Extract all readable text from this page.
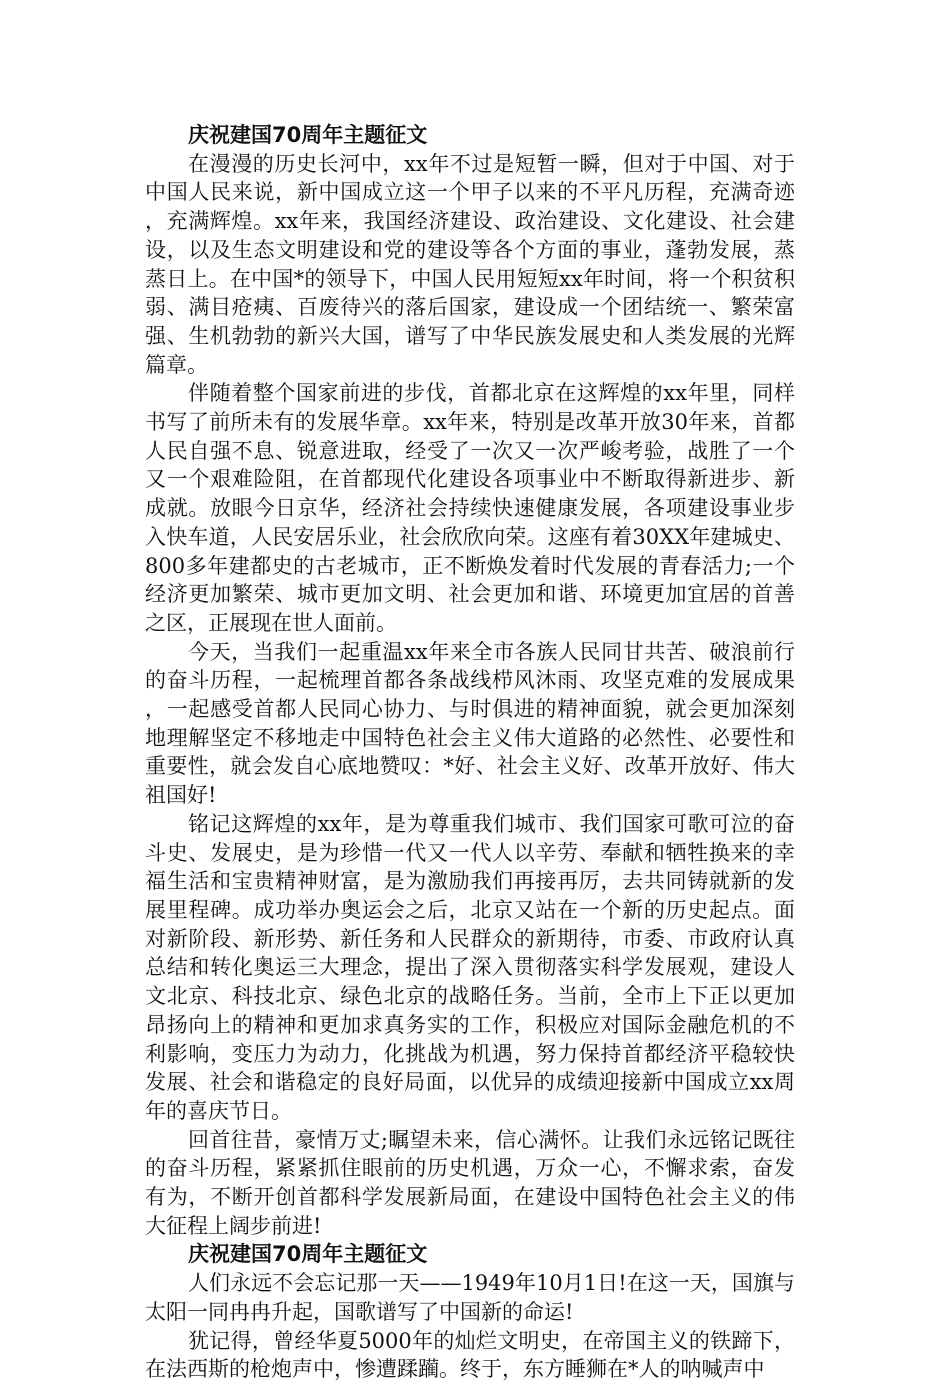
庆祝建国70周年主题征文

在漫漫的历史长河中，xx年不过是短暂一瞬，但对于中国、对于中国人民来说，新中国成立这一个甲子以来的不平凡历程，充满奇迹，充满辉煌。xx年来，我国经济建设、政治建设、文化建设、社会建设，以及生态文明建设和党的建设等各个方面的事业，蓬勃发展，蒸蒸日上。在中国*的领导下，中国人民用短短xx年时间，将一个积贫积弱、满目疮痍、百废待兴的落后国家，建设成一个团结统一、繁荣富强、生机勃勃的新兴大国，谱写了中华民族发展史和人类发展的光辉篇章。

伴随着整个国家前进的步伐，首都北京在这辉煌的xx年里，同样书写了前所未有的发展华章。xx年来，特别是改革开放30年来，首都人民自强不息、锐意进取，经受了一次又一次严峻考验，战胜了一个又一个艰难险阻，在首都现代化建设各项事业中不断取得新进步、新成就。放眼今日京华，经济社会持续快速健康发展，各项建设事业步入快车道，人民安居乐业，社会欣欣向荣。这座有着30XX年建城史、800多年建都史的古老城市，正不断焕发着时代发展的青春活力;一个经济更加繁荣、城市更加文明、社会更加和谐、环境更加宜居的首善之区，正展现在世人面前。

今天，当我们一起重温xx年来全市各族人民同甘共苦、破浪前行的奋斗历程，一起梳理首都各条战线栉风沐雨、攻坚克难的发展成果，一起感受首都人民同心协力、与时俱进的精神面貌，就会更加深刻地理解坚定不移地走中国特色社会主义伟大道路的必然性、必要性和重要性，就会发自心底地赞叹：*好、社会主义好、改革开放好、伟大祖国好!

铭记这辉煌的xx年，是为尊重我们城市、我们国家可歌可泣的奋斗史、发展史，是为珍惜一代又一代人以辛劳、奉献和牺牲换来的幸福生活和宝贵精神财富，是为激励我们再接再厉，去共同铸就新的发展里程碑。成功举办奥运会之后，北京又站在一个新的历史起点。面对新阶段、新形势、新任务和人民群众的新期待，市委、市政府认真总结和转化奥运三大理念，提出了深入贯彻落实科学发展观，建设人文北京、科技北京、绿色北京的战略任务。当前，全市上下正以更加昂扬向上的精神和更加求真务实的工作，积极应对国际金融危机的不利影响，变压力为动力，化挑战为机遇，努力保持首都经济平稳较快发展、社会和谐稳定的良好局面，以优异的成绩迎接新中国成立xx周年的喜庆节日。

回首往昔，豪情万丈;瞩望未来，信心满怀。让我们永远铭记既往的奋斗历程，紧紧抓住眼前的历史机遇，万众一心，不懈求索，奋发有为，不断开创首都科学发展新局面，在建设中国特色社会主义的伟大征程上阔步前进!

庆祝建国70周年主题征文

人们永远不会忘记那一天——1949年10月1日!在这一天，国旗与太阳一同冉冉升起，国歌谱写了中国新的命运!

犹记得，曾经华夏5000年的灿烂文明史，在帝国主义的铁蹄下，在法西斯的枪炮声中，惨遭蹂躏。终于，东方睡狮在*人的呐喊声中
